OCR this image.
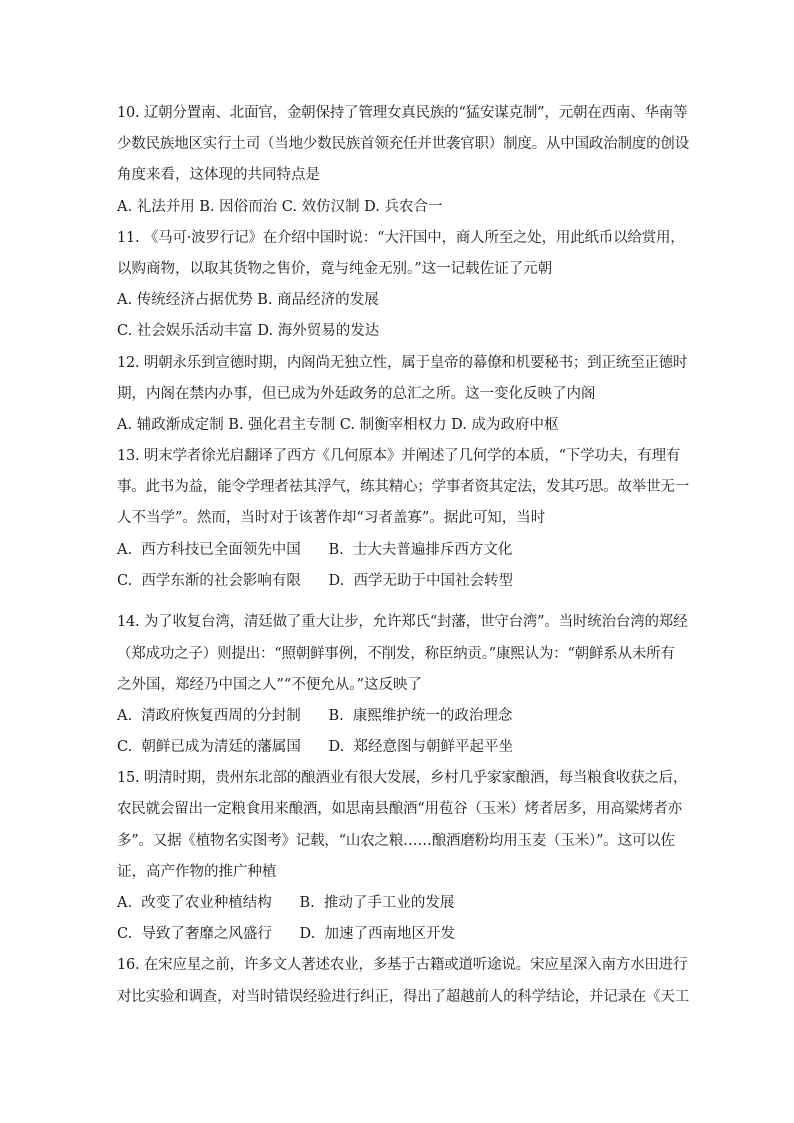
10. 辽朝分置南、北面官，金朝保持了管理女真民族的“猛安谋克制”，元朝在西南、华南等
少数民族地区实行土司（当地少数民族首领充任并世袭官职）制度。从中国政治制度的创设
角度来看，这体现的共同特点是
A. 礼法并用 B. 因俗而治 C. 效仿汉制 D. 兵农合一
11. 《马可·波罗行记》在介绍中国时说：“大汗国中，商人所至之处，用此纸币以给赏用，
以购商物，以取其货物之售价，竟与纯金无别。”这一记载佐证了元朝
A. 传统经济占据优势 B. 商品经济的发展
C. 社会娱乐活动丰富 D. 海外贸易的发达
12. 明朝永乐到宣德时期，内阁尚无独立性，属于皇帝的幕僚和机要秘书；到正统至正德时
期，内阁在禁内办事，但已成为外廷政务的总汇之所。这一变化反映了内阁
A. 辅政渐成定制 B. 强化君主专制 C. 制衡宰相权力 D. 成为政府中枢
13. 明末学者徐光启翻译了西方《几何原本》并阐述了几何学的本质，“下学功夫，有理有
事。此书为益，能令学理者祛其浮气，练其精心；学事者资其定法，发其巧思。故举世无一
人不当学”。然而，当时对于该著作却“习者盖寡”。据此可知，当时
A.  西方科技已全面领先中国      B.  士大夫普遍排斥西方文化
C.  西学东渐的社会影响有限      D.  西学无助于中国社会转型
14. 为了收复台湾，清廷做了重大让步，允许郑氏“封藩，世守台湾”。当时统治台湾的郑经
（郑成功之子）则提出：“照朝鲜事例，不削发，称臣纳贡。”康熙认为：“朝鲜系从未所有
之外国，郑经乃中国之人”“不便允从。”这反映了
A.  清政府恢复西周的分封制      B.  康熙维护统一的政治理念
C.  朝鲜已成为清廷的藩属国      D.  郑经意图与朝鲜平起平坐
15. 明清时期，贵州东北部的酿酒业有很大发展，乡村几乎家家酿酒，每当粮食收获之后，
农民就会留出一定粮食用来酿酒，如思南县酿酒“用苞谷（玉米）烤者居多，用高粱烤者亦
多”。又据《植物名实图考》记载，“山农之粮……酿酒磨粉均用玉麦（玉米）”。这可以佐
证，高产作物的推广种植
A.  改变了农业种植结构      B.  推动了手工业的发展
C.  导致了奢靡之风盛行      D.  加速了西南地区开发
16. 在宋应星之前，许多文人著述农业，多基于古籍或道听途说。宋应星深入南方水田进行
对比实验和调查，对当时错误经验进行纠正，得出了超越前人的科学结论，并记录在《天工
